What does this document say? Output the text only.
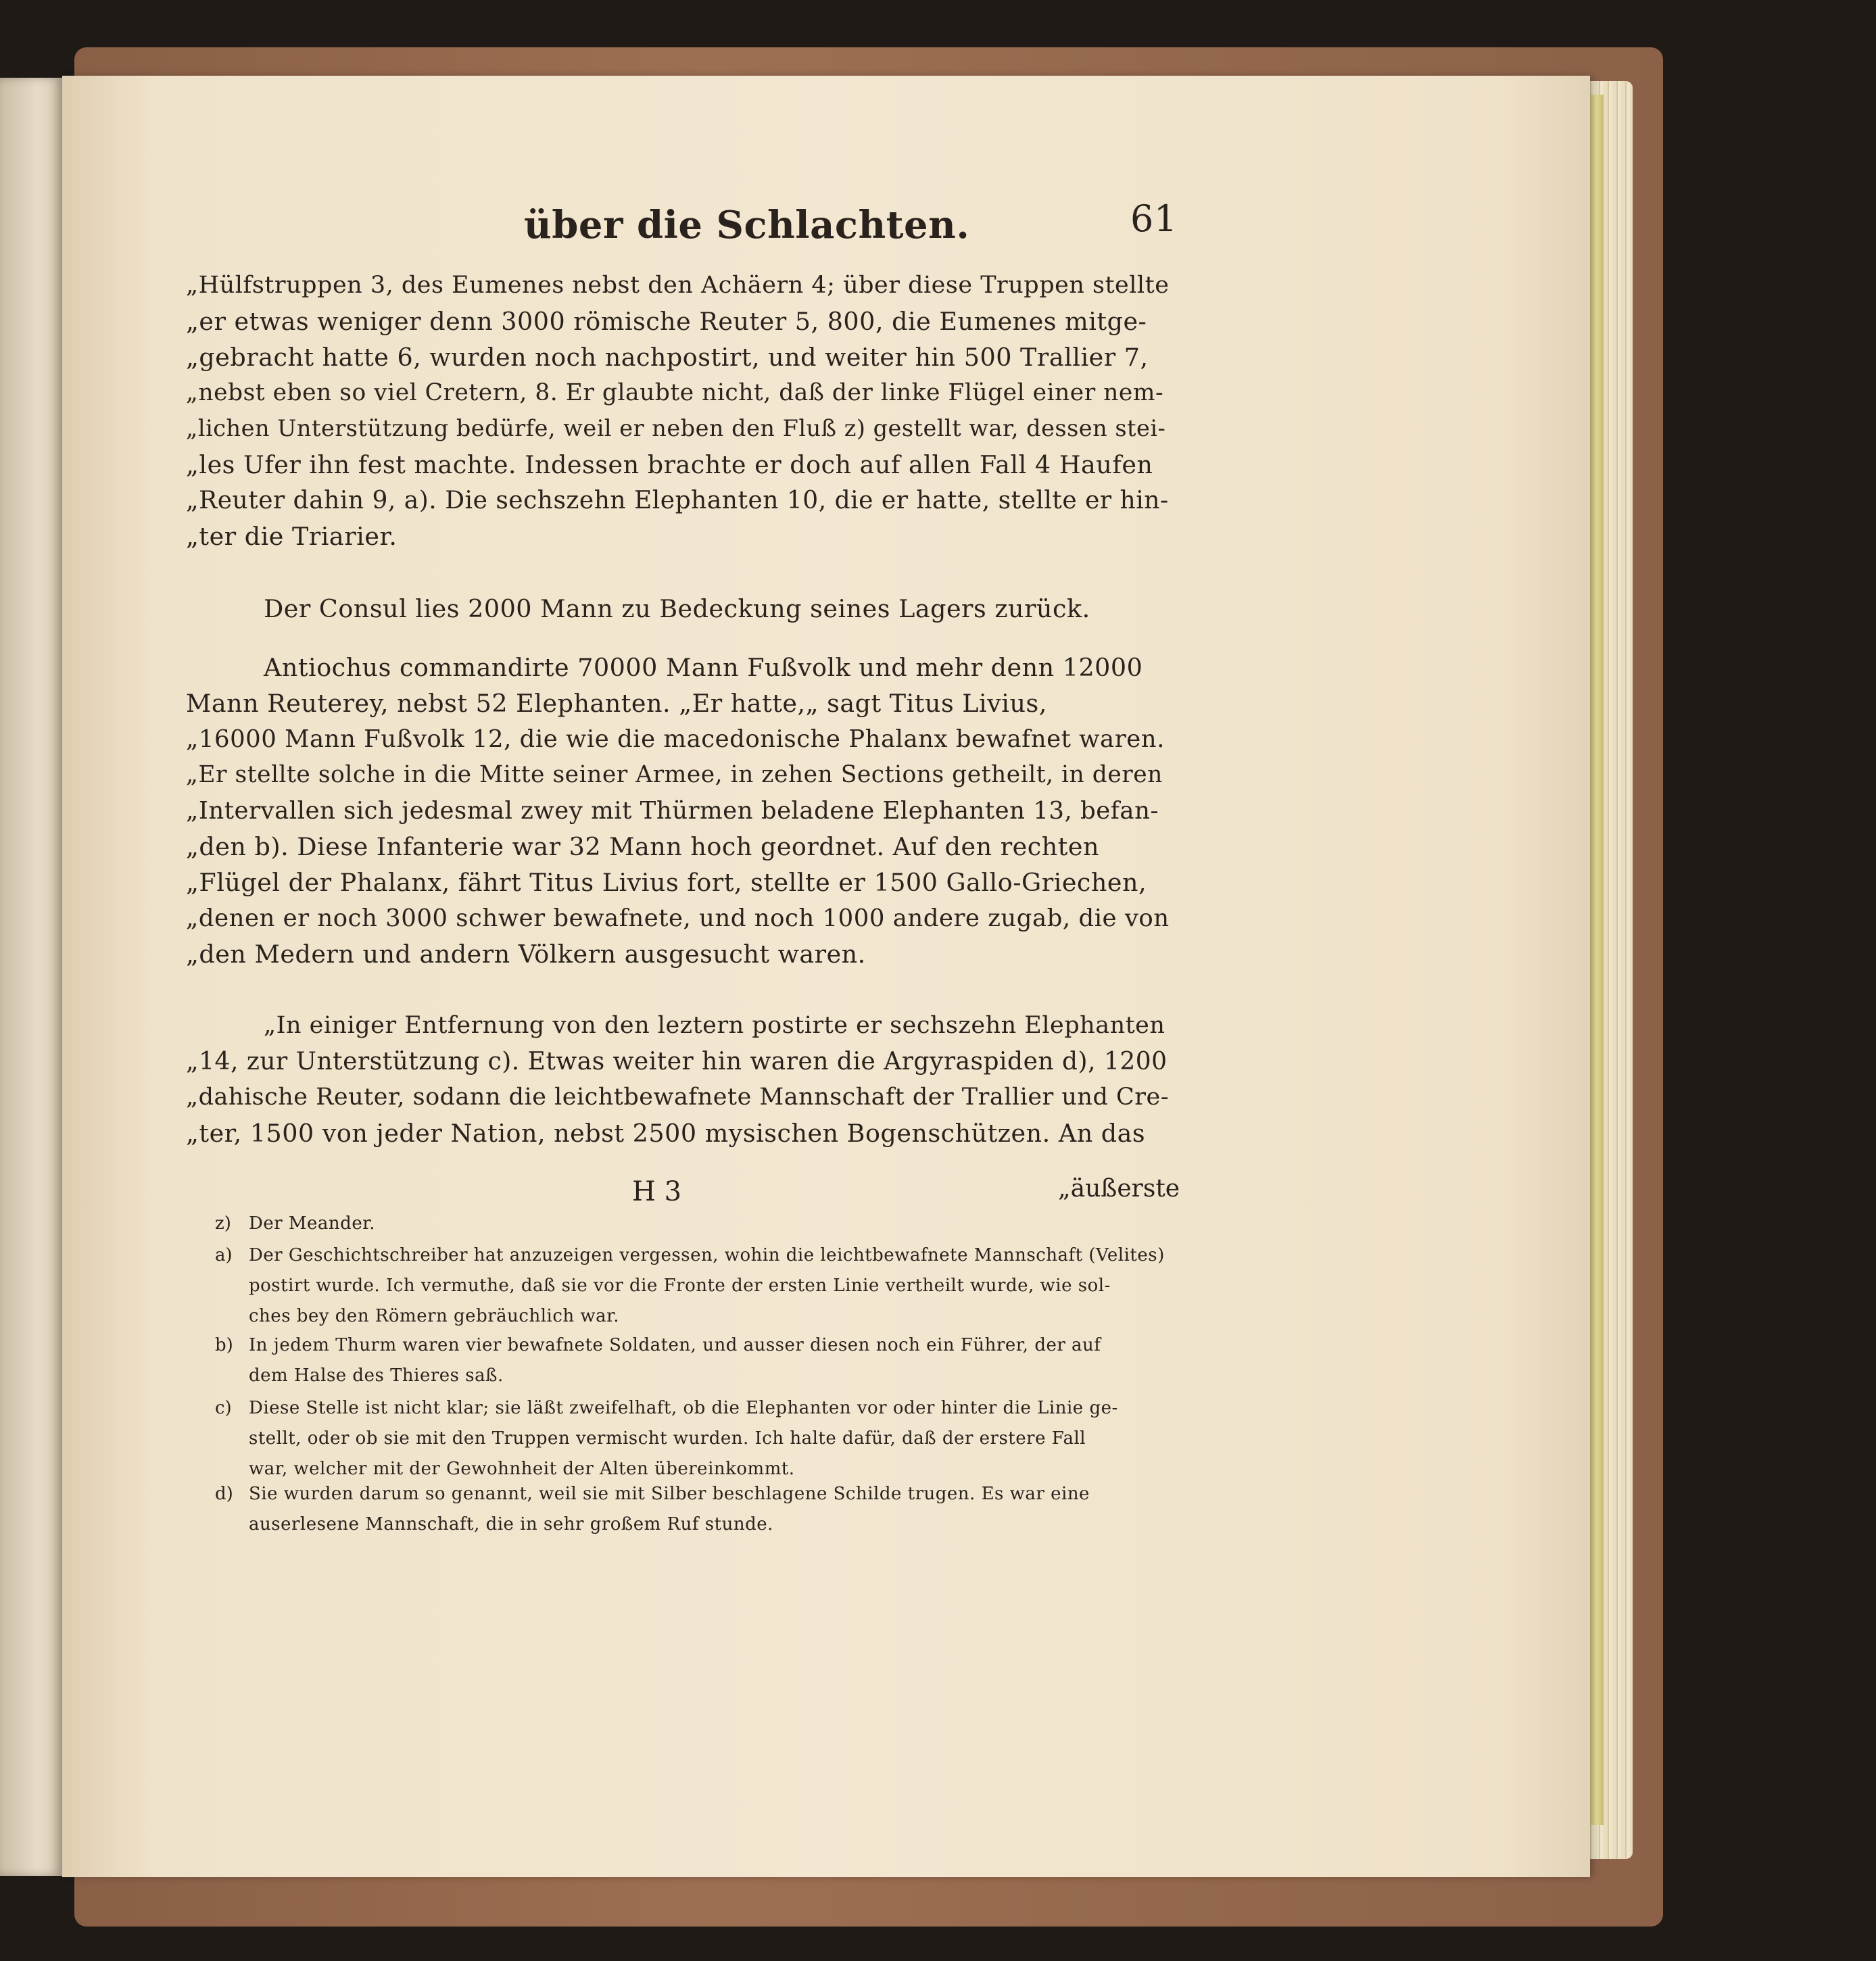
über die Schlachten.	61
„Hülfstruppen 3, des Eumenes nebst den Achäern 4; über diese Truppen stellte
„er etwas weniger denn 3000 römische Reuter 5, 800, die Eumenes mitge-
„gebracht hatte 6, wurden noch nachpostirt, und weiter hin 500 Trallier 7,
„nebst eben so viel Cretern, 8. Er glaubte nicht, daß der linke Flügel einer nem-
„lichen Unterstützung bedürfe, weil er neben den Fluß z) gestellt war, dessen stei-
„les Ufer ihn fest machte. Indessen brachte er doch auf allen Fall 4 Haufen
„Reuter dahin 9, a). Die sechszehn Elephanten 10, die er hatte, stellte er hin-
„ter die Triarier.
Der Consul lies 2000 Mann zu Bedeckung seines Lagers zurück.
Antiochus commandirte 70000 Mann Fußvolk und mehr denn 12000
Mann Reuterey, nebst 52 Elephanten. „Er hatte,„ sagt Titus Livius,
„16000 Mann Fußvolk 12, die wie die macedonische Phalanx bewafnet waren.
„Er stellte solche in die Mitte seiner Armee, in zehen Sections getheilt, in deren
„Intervallen sich jedesmal zwey mit Thürmen beladene Elephanten 13, befan-
„den b). Diese Infanterie war 32 Mann hoch geordnet. Auf den rechten
„Flügel der Phalanx, fährt Titus Livius fort, stellte er 1500 Gallo-Griechen,
„denen er noch 3000 schwer bewafnete, und noch 1000 andere zugab, die von
„den Medern und andern Völkern ausgesucht waren.
„In einiger Entfernung von den leztern postirte er sechszehn Elephanten
„14, zur Unterstützung c). Etwas weiter hin waren die Argyraspiden d), 1200
„dahische Reuter, sodann die leichtbewafnete Mannschaft der Trallier und Cre-
„ter, 1500 von jeder Nation, nebst 2500 mysischen Bogenschützen. An das
H 3	„äußerste
z) Der Meander.
a) Der Geschichtschreiber hat anzuzeigen vergessen, wohin die leichtbewafnete Mannschaft (Velites)
postirt wurde. Ich vermuthe, daß sie vor die Fronte der ersten Linie vertheilt wurde, wie sol-
ches bey den Römern gebräuchlich war.
b) In jedem Thurm waren vier bewafnete Soldaten, und ausser diesen noch ein Führer, der auf
dem Halse des Thieres saß.
c) Diese Stelle ist nicht klar; sie läßt zweifelhaft, ob die Elephanten vor oder hinter die Linie ge-
stellt, oder ob sie mit den Truppen vermischt wurden. Ich halte dafür, daß der erstere Fall
war, welcher mit der Gewohnheit der Alten übereinkommt.
d) Sie wurden darum so genannt, weil sie mit Silber beschlagene Schilde trugen. Es war eine
auserlesene Mannschaft, die in sehr großem Ruf stunde.
